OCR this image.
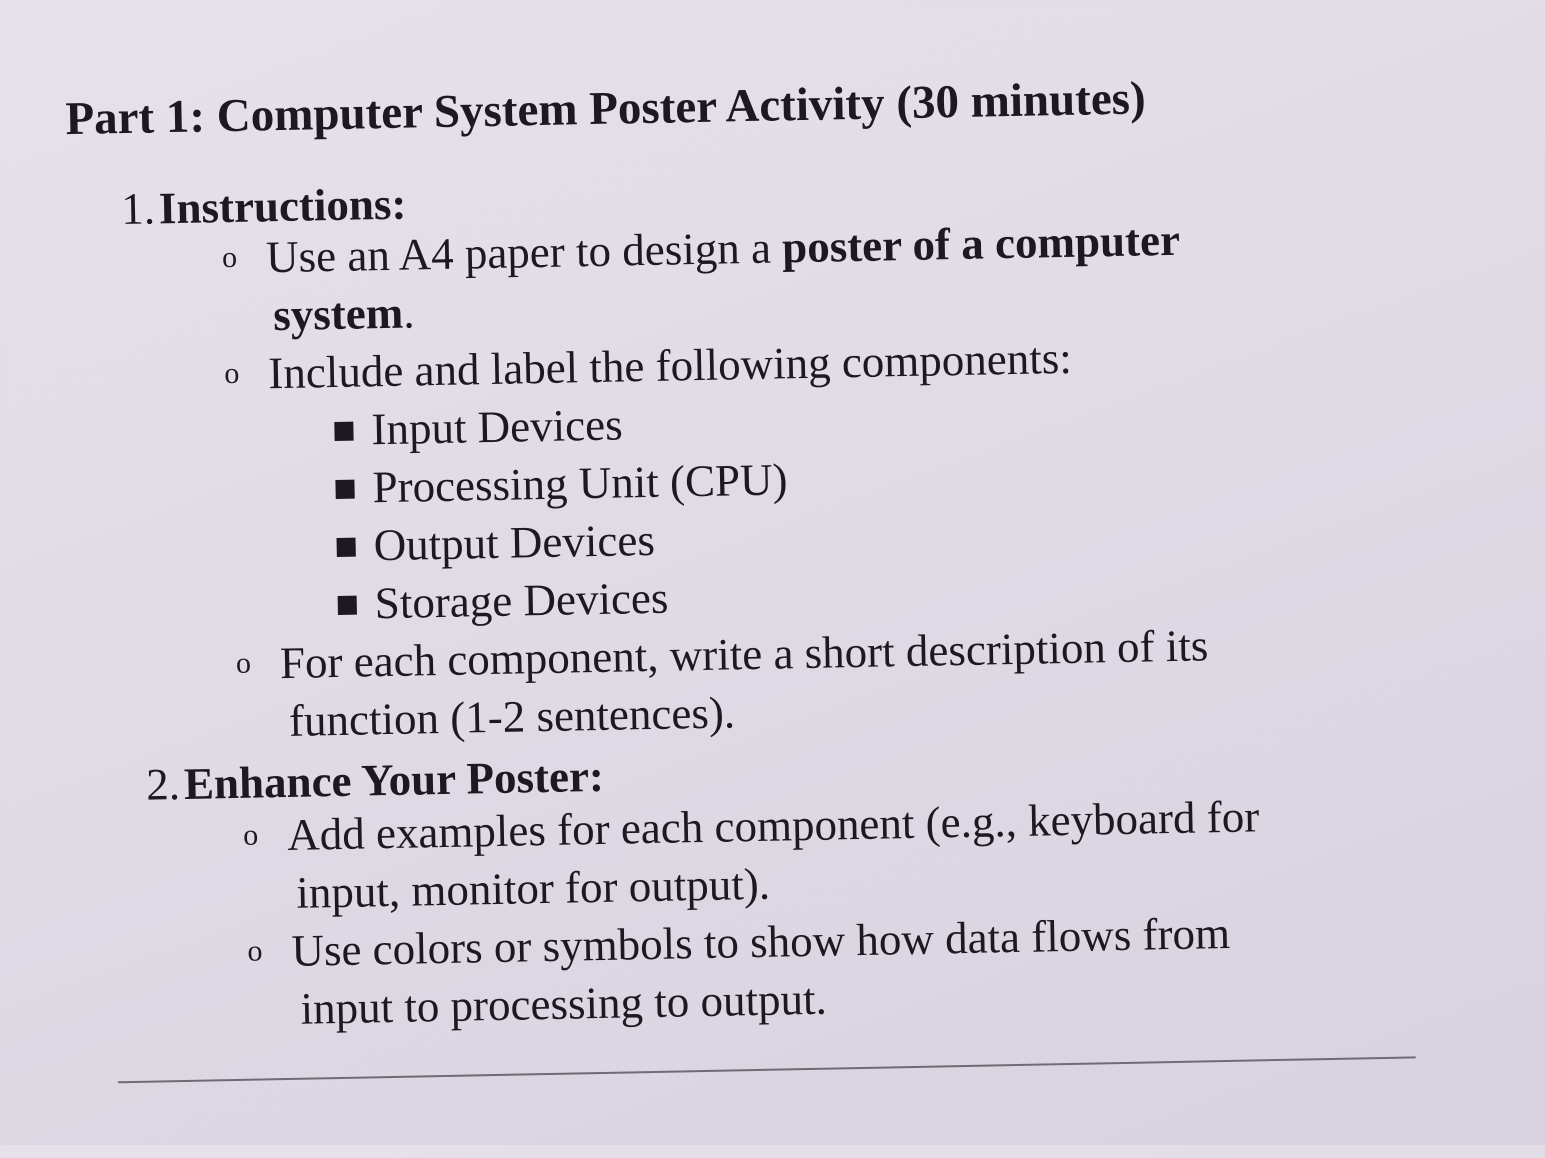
Part 1: Computer System Poster Activity (30 minutes)
1. Instructions:
o Use an A4 paper to design a poster of a computer
system.
o Include and label the following components:
Input Devices
Processing Unit (CPU)
Output Devices
Storage Devices
o For each component, write a short description of its
function (1-2 sentences).
2. Enhance Your Poster:
o Add examples for each component (e.g., keyboard for
input, monitor for output).
o Use colors or symbols to show how data flows from
input to processing to output.
